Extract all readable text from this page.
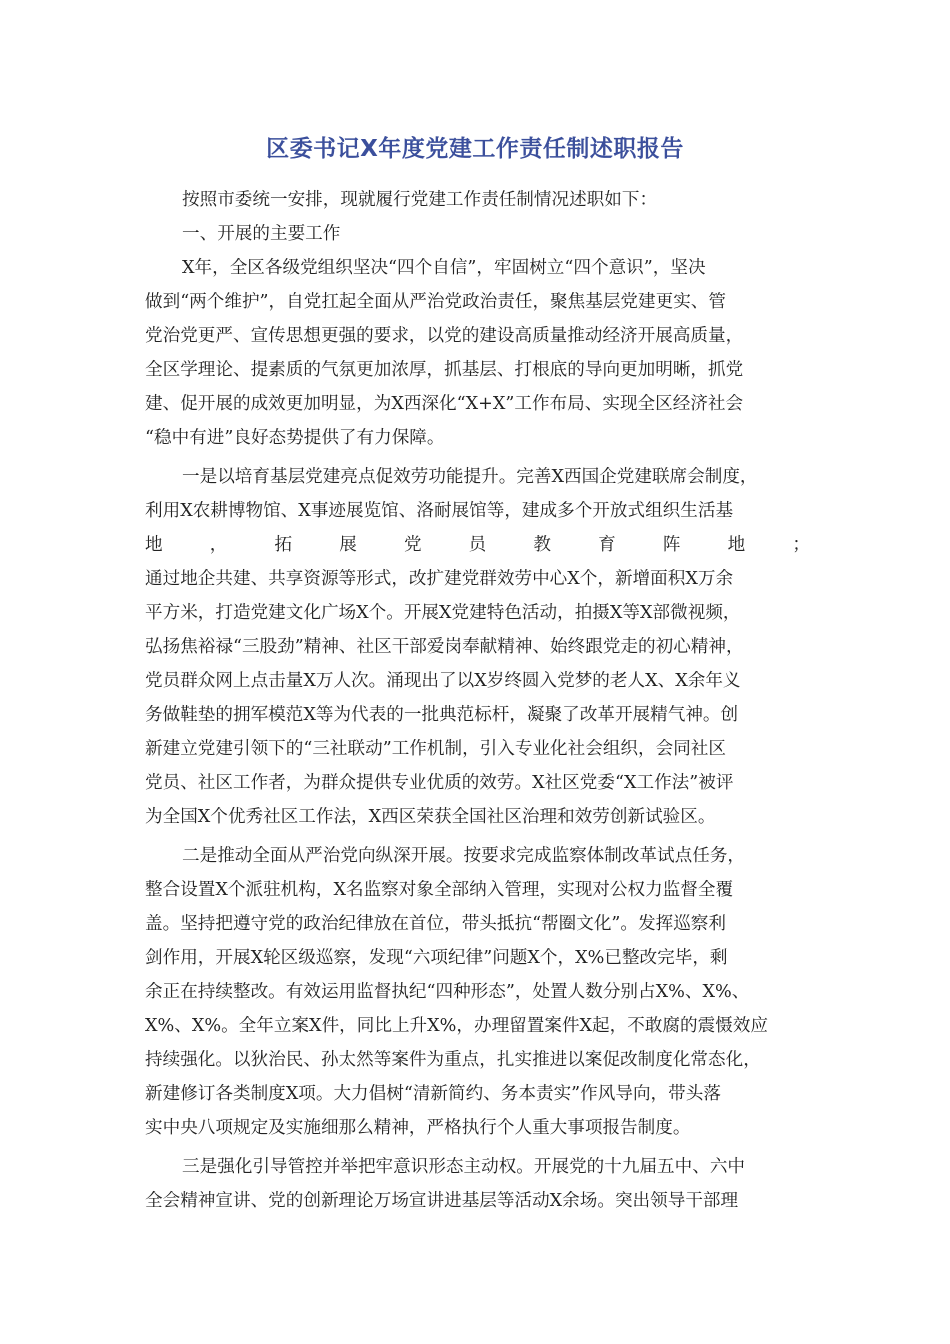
区委书记X年度党建工作责任制述职报告
按照市委统一安排，现就履行党建工作责任制情况述职如下：
一、开展的主要工作
X年，全区各级党组织坚决“四个自信”，牢固树立“四个意识”，坚决
做到“两个维护”，自党扛起全面从严治党政治责任，聚焦基层党建更实、管
党治党更严、宣传思想更强的要求，以党的建设高质量推动经济开展高质量，
全区学理论、提素质的气氛更加浓厚，抓基层、打根底的导向更加明晰，抓党
建、促开展的成效更加明显，为X西深化“X+X”工作布局、实现全区经济社会
“稳中有进”良好态势提供了有力保障。
一是以培育基层党建亮点促效劳功能提升。完善X西国企党建联席会制度，
利用X农耕博物馆、X事迹展览馆、洛耐展馆等，建成多个开放式组织生活基
地	，	拓	展	党	员	教	育	阵	地	；
通过地企共建、共享资源等形式，改扩建党群效劳中心X个，新增面积X万余
平方米，打造党建文化广场X个。开展X党建特色活动，拍摄X等X部微视频，
弘扬焦裕禄“三股劲”精神、社区干部爱岗奉献精神、始终跟党走的初心精神，
党员群众网上点击量X万人次。涌现出了以X岁终圆入党梦的老人X、X余年义
务做鞋垫的拥军模范X等为代表的一批典范标杆，凝聚了改革开展精气神。创
新建立党建引领下的“三社联动”工作机制，引入专业化社会组织，会同社区
党员、社区工作者，为群众提供专业优质的效劳。X社区党委“X工作法”被评
为全国X个优秀社区工作法，X西区荣获全国社区治理和效劳创新试验区。
二是推动全面从严治党向纵深开展。按要求完成监察体制改革试点任务，
整合设置X个派驻机构，X名监察对象全部纳入管理，实现对公权力监督全覆
盖。坚持把遵守党的政治纪律放在首位，带头抵抗“帮圈文化”。发挥巡察利
剑作用，开展X轮区级巡察，发现“六项纪律”问题X个，X%已整改完毕，剩
余正在持续整改。有效运用监督执纪“四种形态”，处置人数分别占X%、X%、
X%、X%。全年立案X件，同比上升X%，办理留置案件X起，不敢腐的震慑效应
持续强化。以狄治民、孙太然等案件为重点，扎实推进以案促改制度化常态化，
新建修订各类制度X项。大力倡树“清新简约、务本责实”作风导向，带头落
实中央八项规定及实施细那么精神，严格执行个人重大事项报告制度。
三是强化引导管控并举把牢意识形态主动权。开展党的十九届五中、六中
全会精神宣讲、党的创新理论万场宣讲进基层等活动X余场。突出领导干部理
